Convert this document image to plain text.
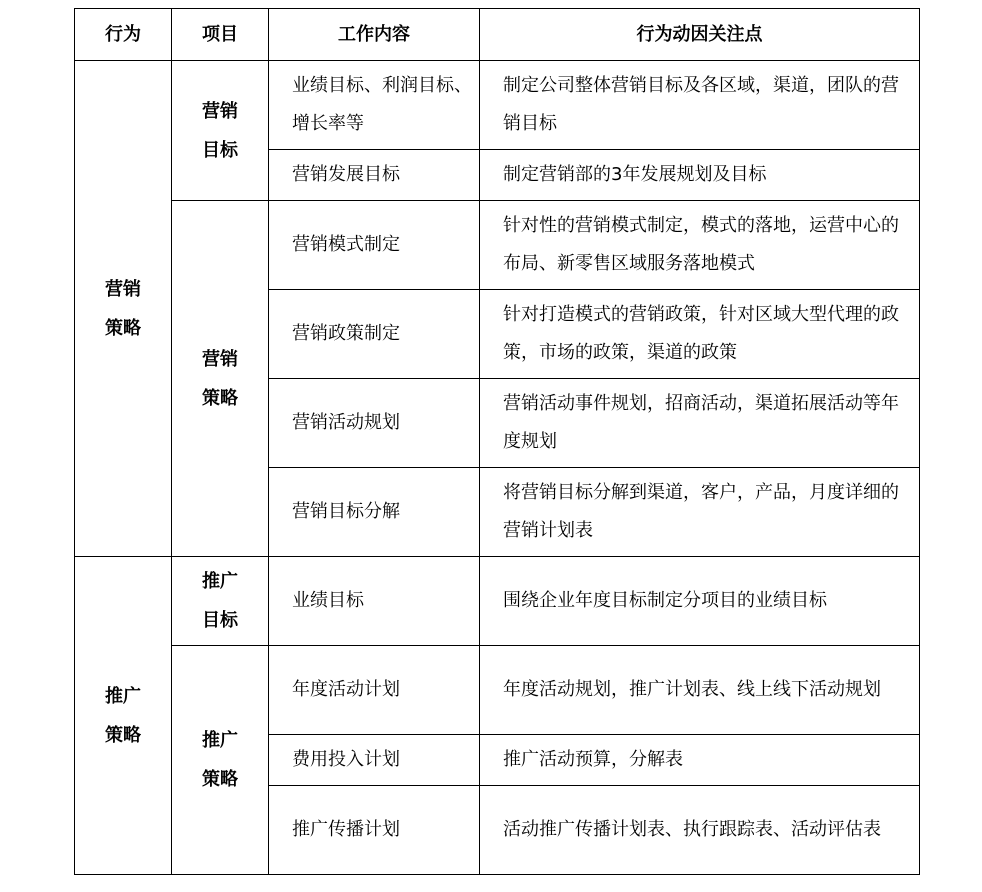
行为	项目	工作内容	行为动因关注点
营销策略	营销目标	业绩目标、利润目标、增长率等	制定公司整体营销目标及各区域，渠道，团队的营销目标
		营销发展目标	制定营销部的3年发展规划及目标
	营销策略	营销模式制定	针对性的营销模式制定，模式的落地，运营中心的布局、新零售区域服务落地模式
		营销政策制定	针对打造模式的营销政策，针对区域大型代理的政策，市场的政策，渠道的政策
		营销活动规划	营销活动事件规划，招商活动，渠道拓展活动等年度规划
		营销目标分解	将营销目标分解到渠道，客户，产品，月度详细的营销计划表
推广策略	推广目标	业绩目标	围绕企业年度目标制定分项目的业绩目标
	推广策略	年度活动计划	年度活动规划，推广计划表、线上线下活动规划
		费用投入计划	推广活动预算，分解表
		推广传播计划	活动推广传播计划表、执行跟踪表、活动评估表
